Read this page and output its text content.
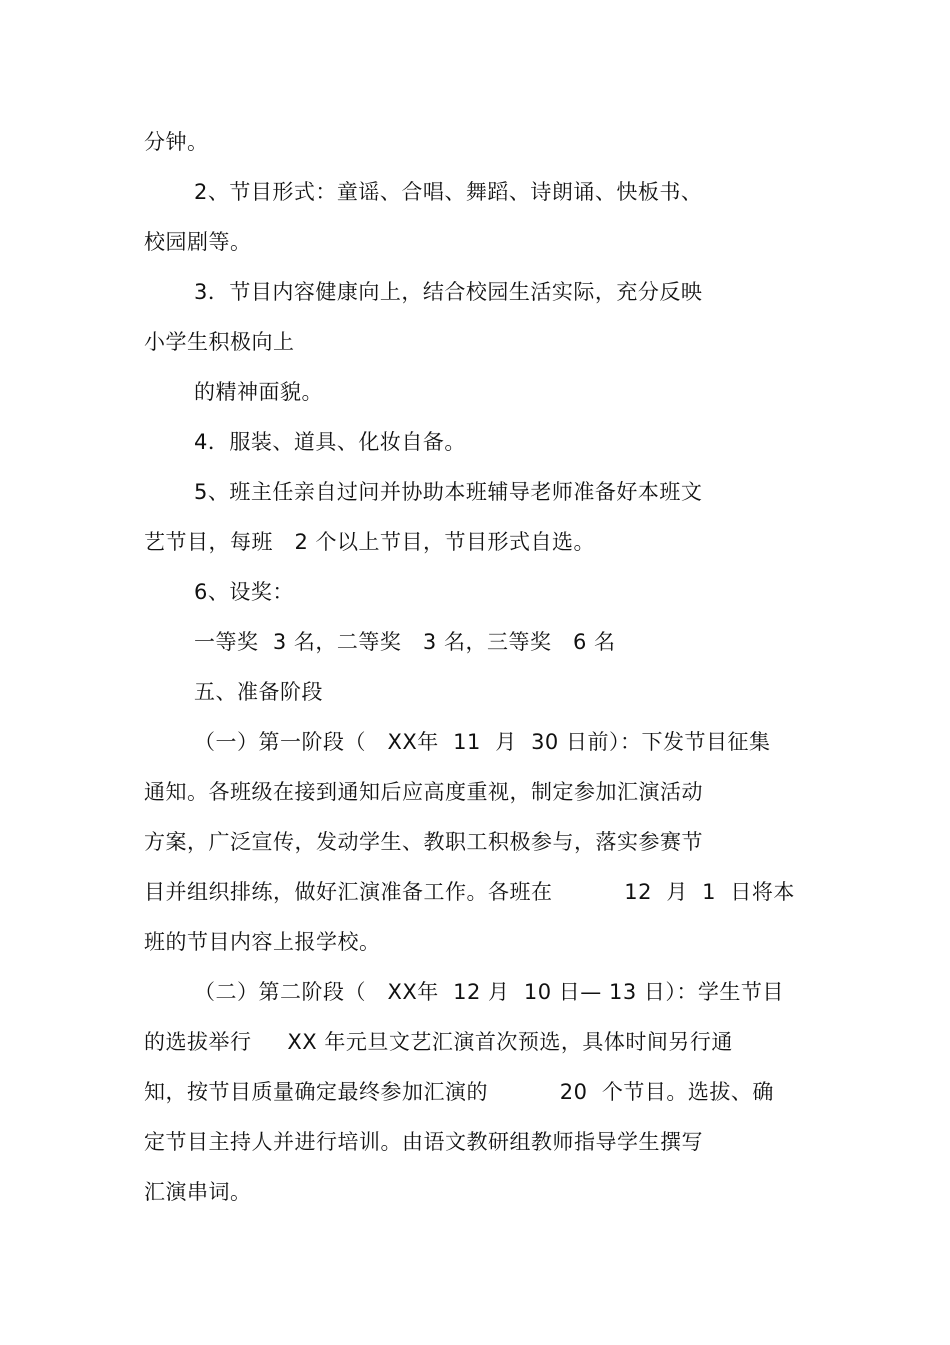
分钟。
2、节目形式：童谣、合唱、舞蹈、诗朗诵、快板书、
校园剧等。
3．节目内容健康向上，结合校园生活实际，充分反映
小学生积极向上
的精神面貌。
4．服装、道具、化妆自备。
5、班主任亲自过问并协助本班辅导老师准备好本班文
艺节目，每班   2 个以上节目，节目形式自选。
6、设奖：
一等奖  3 名，二等奖   3 名，三等奖   6 名
五、准备阶段
（一）第一阶段（   XX年  11  月  30 日前）：下发节目征集
通知。各班级在接到通知后应高度重视，制定参加汇演活动
方案，广泛宣传，发动学生、教职工积极参与，落实参赛节
目并组织排练，做好汇演准备工作。各班在          12  月  1  日将本
班的节目内容上报学校。
（二）第二阶段（   XX年  12 月  10 日— 13 日）：学生节目
的选拔举行     XX 年元旦文艺汇演首次预选，具体时间另行通
知，按节目质量确定最终参加汇演的          20  个节目。选拔、确
定节目主持人并进行培训。由语文教研组教师指导学生撰写
汇演串词。
